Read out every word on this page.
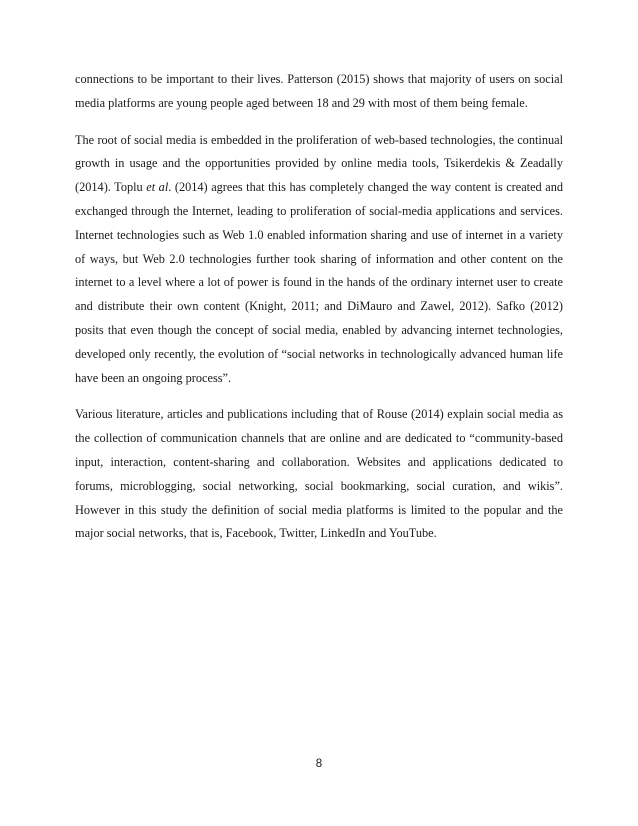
connections to be important to their lives. Patterson (2015) shows that majority of users on social media platforms are young people aged between 18 and 29 with most of them being female.

The root of social media is embedded in the proliferation of web-based technologies, the continual growth in usage and the opportunities provided by online media tools, Tsikerdekis & Zeadally (2014). Toplu et al. (2014) agrees that this has completely changed the way content is created and exchanged through the Internet, leading to proliferation of social-media applications and services. Internet technologies such as Web 1.0 enabled information sharing and use of internet in a variety of ways, but Web 2.0 technologies further took sharing of information and other content on the internet to a level where a lot of power is found in the hands of the ordinary internet user to create and distribute their own content (Knight, 2011; and DiMauro and Zawel, 2012). Safko (2012) posits that even though the concept of social media, enabled by advancing internet technologies, developed only recently, the evolution of “social networks in technologically advanced human life have been an ongoing process”.

Various literature, articles and publications including that of Rouse (2014) explain social media as the collection of communication channels that are online and are dedicated to “community-based input, interaction, content-sharing and collaboration. Websites and applications dedicated to forums, microblogging, social networking, social bookmarking, social curation, and wikis”. However in this study the definition of social media platforms is limited to the popular and the major social networks, that is, Facebook, Twitter, LinkedIn and YouTube.

8
